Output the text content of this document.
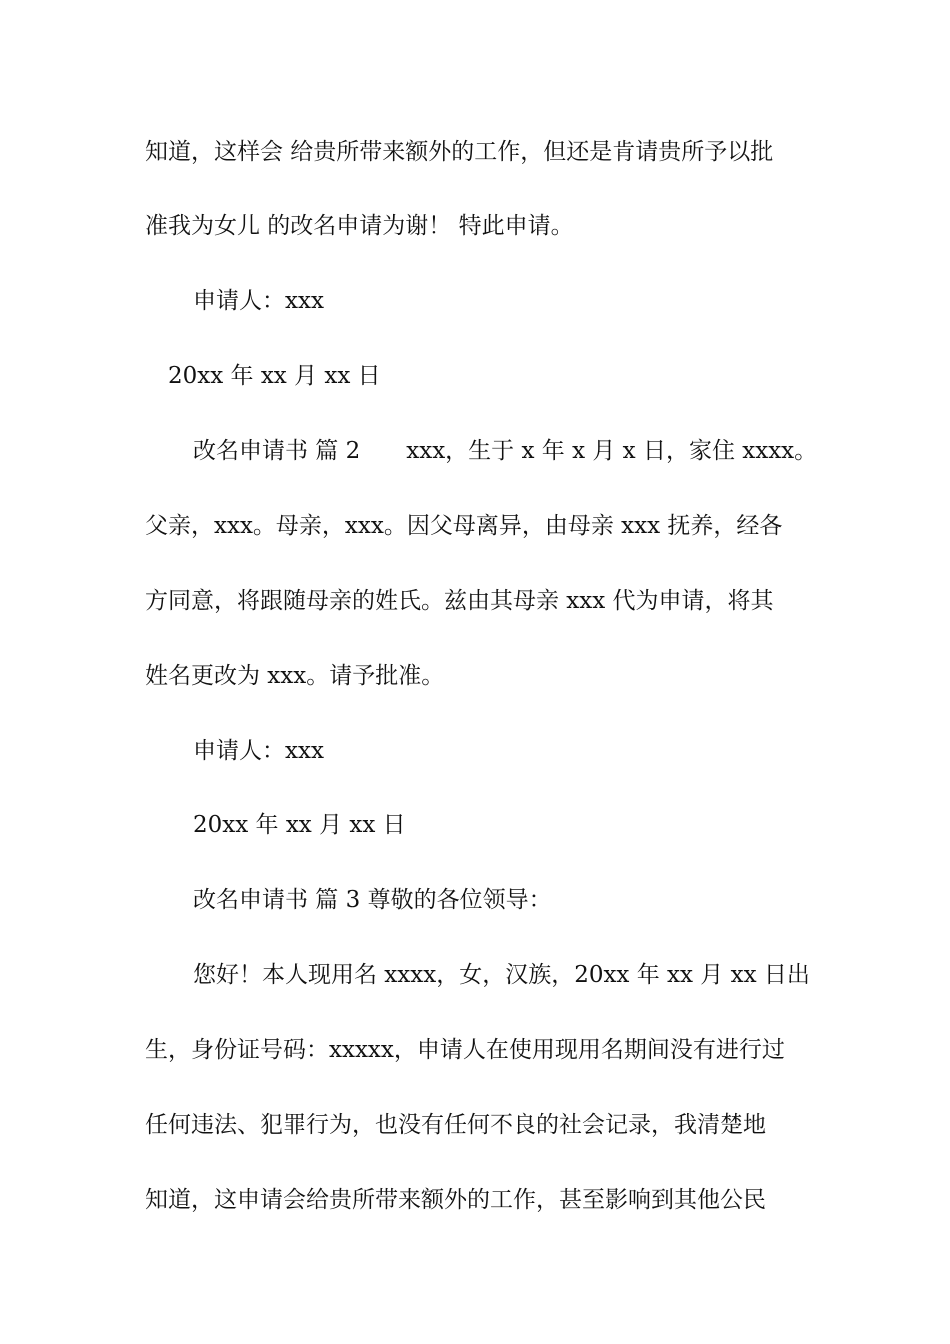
知道，这样会 给贵所带来额外的工作，但还是肯请贵所予以批
准我为女儿 的改名申请为谢！ 特此申请。
申请人：xxx
20xx 年 xx 月 xx 日
改名申请书 篇 2　　xxx，生于 x 年 x 月 x 日，家住 xxxx。
父亲，xxx。母亲，xxx。因父母离异，由母亲 xxx 抚养，经各
方同意，将跟随母亲的姓氏。兹由其母亲 xxx 代为申请，将其
姓名更改为 xxx。请予批准。
申请人：xxx
20xx 年 xx 月 xx 日
改名申请书 篇 3 尊敬的各位领导：
您好！本人现用名 xxxx，女，汉族，20xx 年 xx 月 xx 日出
生，身份证号码：xxxxx，申请人在使用现用名期间没有进行过
任何违法、犯罪行为，也没有任何不良的社会记录，我清楚地
知道，这申请会给贵所带来额外的工作，甚至影响到其他公民
